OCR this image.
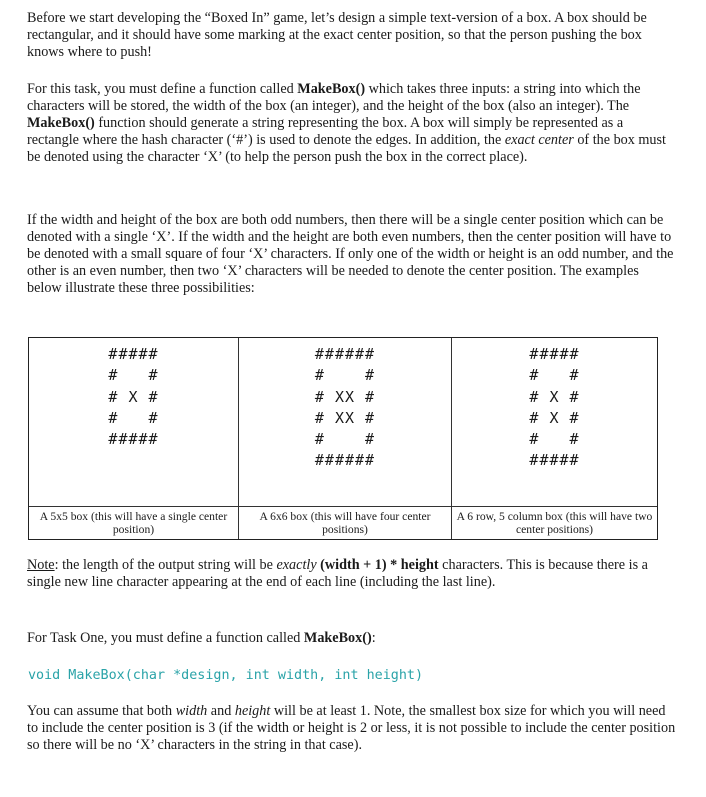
Before we start developing the “Boxed In” game, let’s design a simple text-version of a box. A box should be rectangular, and it should have some marking at the exact center position, so that the person pushing the box knows where to push!

For this task, you must define a function called MakeBox() which takes three inputs: a string into which the characters will be stored, the width of the box (an integer), and the height of the box (also an integer). The MakeBox() function should generate a string representing the box. A box will simply be represented as a rectangle where the hash character (‘#’) is used to denote the edges. In addition, the exact center of the box must be denoted using the character ‘X’ (to help the person push the box in the correct place).

If the width and height of the box are both odd numbers, then there will be a single center position which can be denoted with a single ‘X’. If the width and the height are both even numbers, then the center position will have to be denoted with a small square of four ‘X’ characters. If only one of the width or height is an odd number, and the other is an even number, then two ‘X’ characters will be needed to denote the center position. The examples below illustrate these three possibilities:

#####
#   #
# X #
#   #
#####
A 5x5 box (this will have a single center position)
######
#    #
# XX #
# XX #
#    #
######
A 6x6 box (this will have four center positions)
#####
#   #
# X #
# X #
#   #
#####
A 6 row, 5 column box (this will have two center positions)

Note: the length of the output string will be exactly (width + 1) * height characters. This is because there is a single new line character appearing at the end of each line (including the last line).

For Task One, you must define a function called MakeBox():

void MakeBox(char *design, int width, int height)

You can assume that both width and height will be at least 1. Note, the smallest box size for which you will need to include the center position is 3 (if the width or height is 2 or less, it is not possible to include the center position so there will be no ‘X’ characters in the string in that case).
